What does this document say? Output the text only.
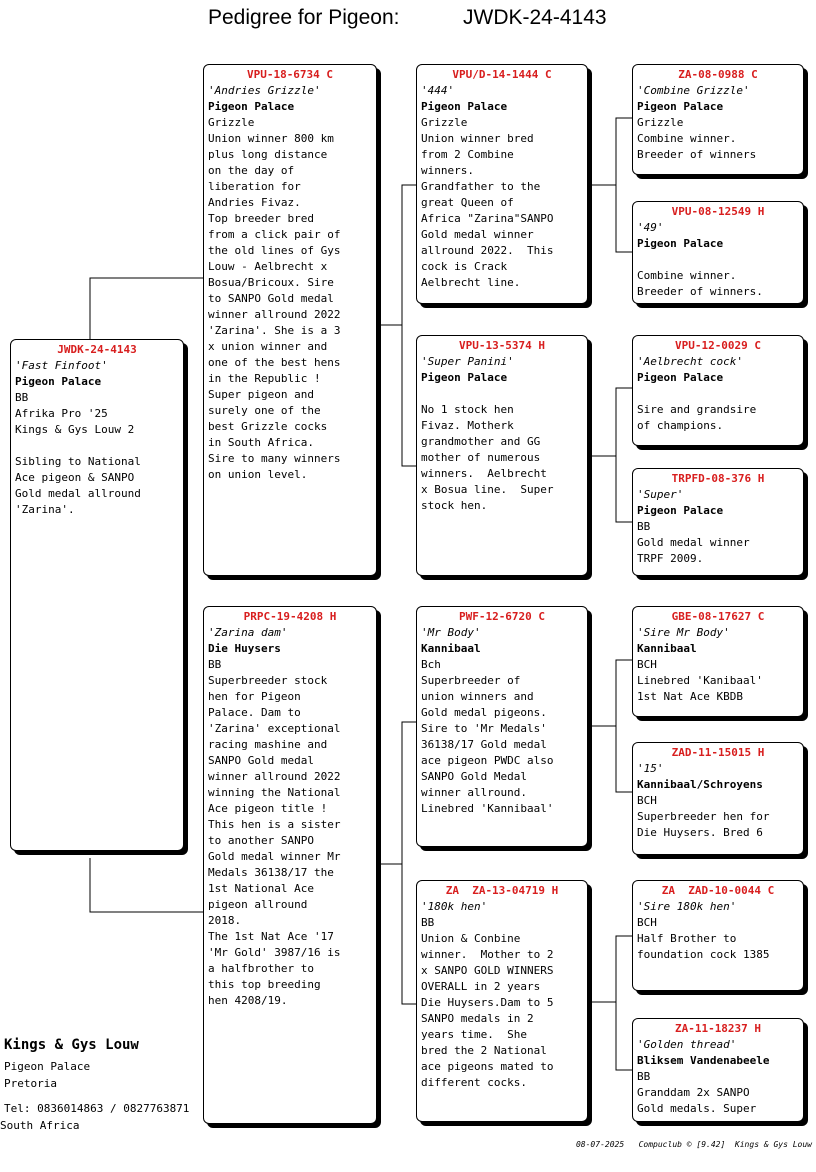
Pedigree for Pigeon:	JWDK-24-4143
JWDK-24-4143
'Fast Finfoot'
Pigeon Palace
BB
Afrika Pro '25
Kings & Gys Louw 2
Sibling to National
Ace pigeon & SANPO
Gold medal allround
'Zarina'.
VPU-18-6734 C
'Andries Grizzle'
Pigeon Palace
Grizzle
Union winner 800 km
plus long distance
on the day of
liberation for
Andries Fivaz.
Top breeder bred
from a click pair of
the old lines of Gys
Louw - Aelbrecht x
Bosua/Bricoux. Sire
to SANPO Gold medal
winner allround 2022
'Zarina'. She is a 3
x union winner and
one of the best hens
in the Republic !
Super pigeon and
surely one of the
best Grizzle cocks
in South Africa.
Sire to many winners
on union level.
PRPC-19-4208 H
'Zarina dam'
Die Huysers
BB
Superbreeder stock
hen for Pigeon
Palace. Dam to
'Zarina' exceptional
racing mashine and
SANPO Gold medal
winner allround 2022
winning the National
Ace pigeon title !
This hen is a sister
to another SANPO
Gold medal winner Mr
Medals 36138/17 the
1st National Ace
pigeon allround
2018.
The 1st Nat Ace '17
'Mr Gold' 3987/16 is
a halfbrother to
this top breeding
hen 4208/19.
VPU/D-14-1444 C
'444'
Pigeon Palace
Grizzle
Union winner bred
from 2 Combine
winners.
Grandfather to the
great Queen of
Africa "Zarina"SANPO
Gold medal winner
allround 2022.  This
cock is Crack
Aelbrecht line.
VPU-13-5374 H
'Super Panini'
Pigeon Palace
No 1 stock hen
Fivaz. Motherk
grandmother and GG
mother of numerous
winners.  Aelbrecht
x Bosua line.  Super
stock hen.
PWF-12-6720 C
'Mr Body'
Kannibaal
Bch
Superbreeder of
union winners and
Gold medal pigeons.
Sire to 'Mr Medals'
36138/17 Gold medal
ace pigeon PWDC also
SANPO Gold Medal
winner allround.
Linebred 'Kannibaal'
ZA  ZA-13-04719 H
'180k hen'
BB
Union & Conbine
winner.  Mother to 2
x SANPO GOLD WINNERS
OVERALL in 2 years
Die Huysers.Dam to 5
SANPO medals in 2
years time.  She
bred the 2 National
ace pigeons mated to
different cocks.
ZA-08-0988 C
'Combine Grizzle'
Pigeon Palace
Grizzle
Combine winner.
Breeder of winners
VPU-08-12549 H
'49'
Pigeon Palace
Combine winner.
Breeder of winners.
VPU-12-0029 C
'Aelbrecht cock'
Pigeon Palace
Sire and grandsire
of champions.
TRPFD-08-376 H
'Super'
Pigeon Palace
BB
Gold medal winner
TRPF 2009.
GBE-08-17627 C
'Sire Mr Body'
Kannibaal
BCH
Linebred 'Kanibaal'
1st Nat Ace KBDB
ZAD-11-15015 H
'15'
Kannibaal/Schroyens
BCH
Superbreeder hen for
Die Huysers. Bred 6
ZA  ZAD-10-0044 C
'Sire 180k hen'
BCH
Half Brother to
foundation cock 1385
ZA-11-18237 H
'Golden thread'
Bliksem Vandenabeele
BB
Granddam 2x SANPO
Gold medals. Super
Kings & Gys Louw
Pigeon Palace
Pretoria
Tel: 0836014863 / 0827763871
South Africa
08-07-2025   Compuclub © [9.42]  Kings & Gys Louw
